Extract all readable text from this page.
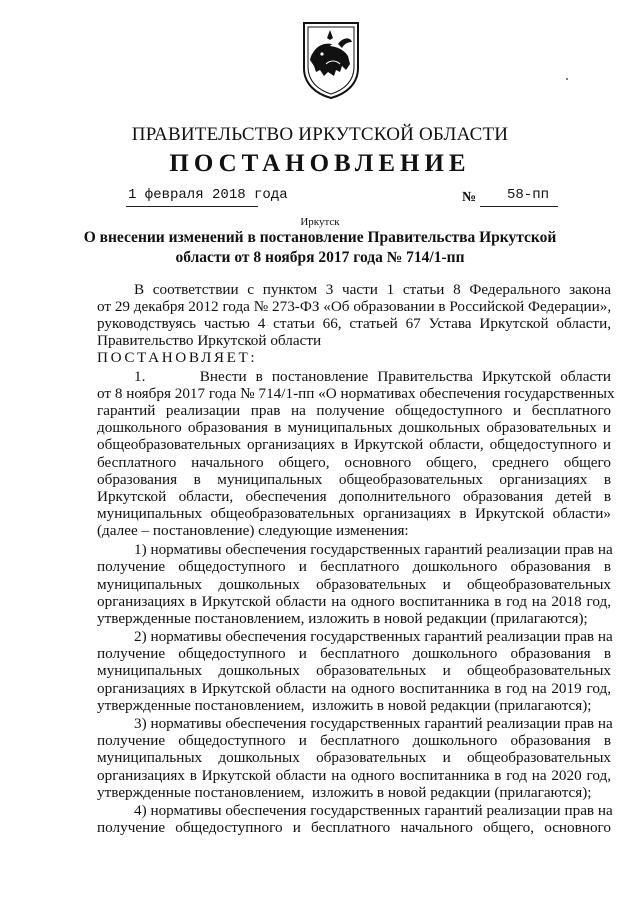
ПРАВИТЕЛЬСТВО ИРКУТСКОЙ ОБЛАСТИ
ПОСТАНОВЛЕНИЕ
1 февраля 2018 года	№ 58-пп
Иркутск
О внесении изменений в постановление Правительства Иркутской
области от 8 ноября 2017 года № 714/1-пп
В соответствии с пунктом 3 части 1 статьи 8 Федерального закона
от 29 декабря 2012 года № 273-ФЗ «Об образовании в Российской Федерации»,
руководствуясь частью 4 статьи 66, статьей 67 Устава Иркутской области,
Правительство Иркутской области
ПОСТАНОВЛЯЕТ:
1.      Внести в постановление Правительства Иркутской области
от 8 ноября 2017 года № 714/1-пп «О нормативах обеспечения государственных
гарантий реализации прав на получение общедоступного и бесплатного
дошкольного образования в муниципальных дошкольных образовательных и
общеобразовательных организациях в Иркутской области, общедоступного и
бесплатного начального общего, основного общего, среднего общего
образования в муниципальных общеобразовательных организациях в
Иркутской области, обеспечения дополнительного образования детей в
муниципальных общеобразовательных организациях в Иркутской области»
(далее – постановление) следующие изменения:
1) нормативы обеспечения государственных гарантий реализации прав на
получение общедоступного и бесплатного дошкольного образования в
муниципальных дошкольных образовательных и общеобразовательных
организациях в Иркутской области на одного воспитанника в год на 2018 год,
утвержденные постановлением, изложить в новой редакции (прилагаются);
2) нормативы обеспечения государственных гарантий реализации прав на
получение общедоступного и бесплатного дошкольного образования в
муниципальных дошкольных образовательных и общеобразовательных
организациях в Иркутской области на одного воспитанника в год на 2019 год,
утвержденные постановлением,  изложить в новой редакции (прилагаются);
3) нормативы обеспечения государственных гарантий реализации прав на
получение общедоступного и бесплатного дошкольного образования в
муниципальных дошкольных образовательных и общеобразовательных
организациях в Иркутской области на одного воспитанника в год на 2020 год,
утвержденные постановлением,  изложить в новой редакции (прилагаются);
4) нормативы обеспечения государственных гарантий реализации прав на
получение общедоступного и бесплатного начального общего, основного
